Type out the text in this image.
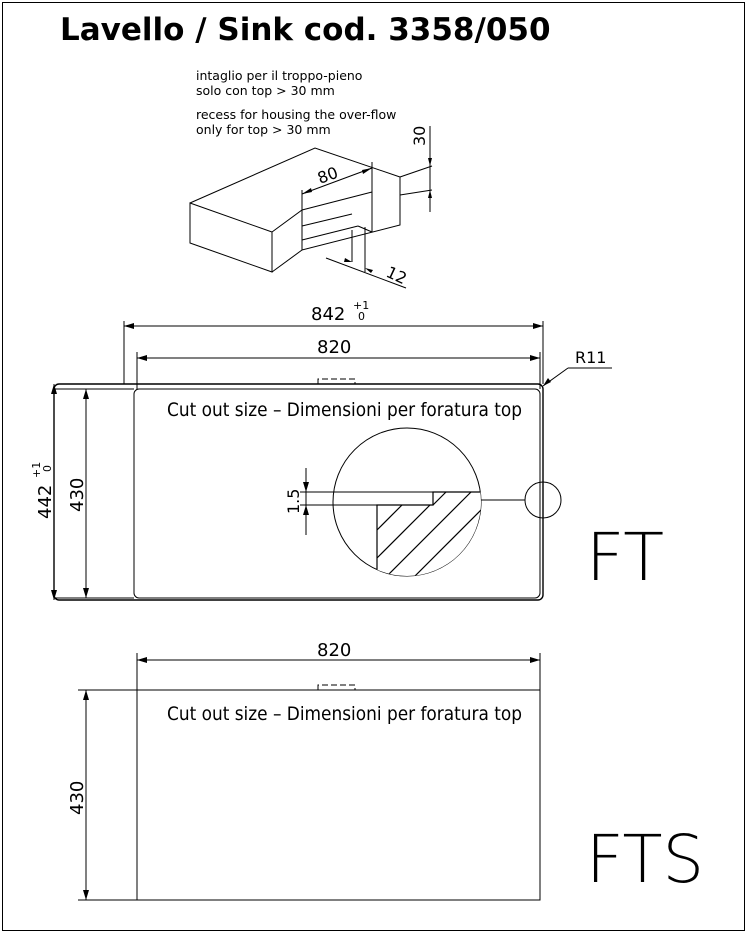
Lavello / Sink cod. 3358/050
intaglio per il troppo-pieno
solo con top > 30 mm
recess for housing the over-flow
only for top > 30 mm
80
30
12
842 +1
0
820	R11
442
+1
0
430
Cut out size – Dimensioni per foratura top
1.5
FT
820
430
Cut out size – Dimensioni per foratura top
FTS
